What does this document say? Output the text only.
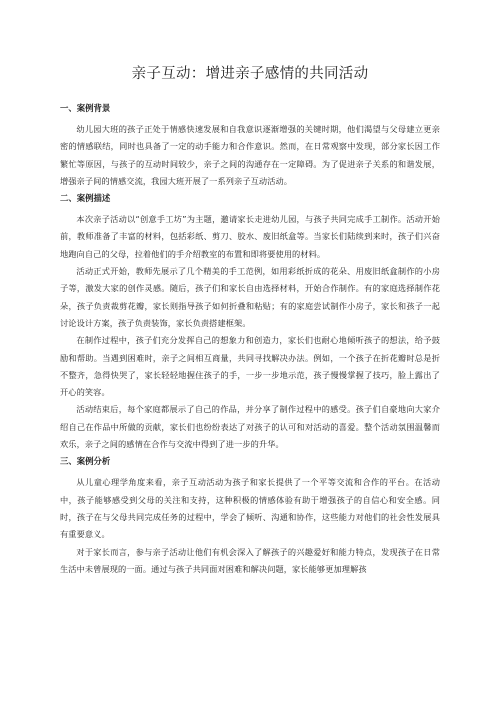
亲子互动：增进亲子感情的共同活动
一、案例背景

幼儿园大班的孩子正处于情感快速发展和自我意识逐渐增强的关键时期，他们渴望与父母建立更亲密的情感联结，同时也具备了一定的动手能力和合作意识。然而，在日常观察中发现，部分家长因工作繁忙等原因，与孩子的互动时间较少，亲子之间的沟通存在一定障碍。为了促进亲子关系的和谐发展，增强亲子间的情感交流，我园大班开展了一系列亲子互动活动。

二、案例描述

本次亲子活动以“创意手工坊”为主题，邀请家长走进幼儿园，与孩子共同完成手工制作。活动开始前，教师准备了丰富的材料，包括彩纸、剪刀、胶水、废旧纸盒等。当家长们陆续到来时，孩子们兴奋地跑向自己的父母，拉着他们的手介绍教室的布置和即将要使用的材料。

活动正式开始，教师先展示了几个精美的手工范例，如用彩纸折成的花朵、用废旧纸盒制作的小房子等，激发大家的创作灵感。随后，孩子们和家长自由选择材料，开始合作制作。有的家庭选择制作花朵，孩子负责裁剪花瓣，家长则指导孩子如何折叠和粘贴；有的家庭尝试制作小房子，家长和孩子一起讨论设计方案，孩子负责装饰，家长负责搭建框架。

在制作过程中，孩子们充分发挥自己的想象力和创造力，家长们也耐心地倾听孩子的想法，给予鼓励和帮助。当遇到困难时，亲子之间相互商量，共同寻找解决办法。例如，一个孩子在折花瓣时总是折不整齐，急得快哭了，家长轻轻地握住孩子的手，一步一步地示范，孩子慢慢掌握了技巧，脸上露出了开心的笑容。

活动结束后，每个家庭都展示了自己的作品，并分享了制作过程中的感受。孩子们自豪地向大家介绍自己在作品中所做的贡献，家长们也纷纷表达了对孩子的认可和对活动的喜爱。整个活动氛围温馨而欢乐，亲子之间的感情在合作与交流中得到了进一步的升华。

三、案例分析

从儿童心理学角度来看，亲子互动活动为孩子和家长提供了一个平等交流和合作的平台。在活动中，孩子能够感受到父母的关注和支持，这种积极的情感体验有助于增强孩子的自信心和安全感。同时，孩子在与父母共同完成任务的过程中，学会了倾听、沟通和协作，这些能力对他们的社会性发展具有重要意义。

对于家长而言，参与亲子活动让他们有机会深入了解孩子的兴趣爱好和能力特点，发现孩子在日常生活中未曾展现的一面。通过与孩子共同面对困难和解决问题，家长能够更加理解孩
